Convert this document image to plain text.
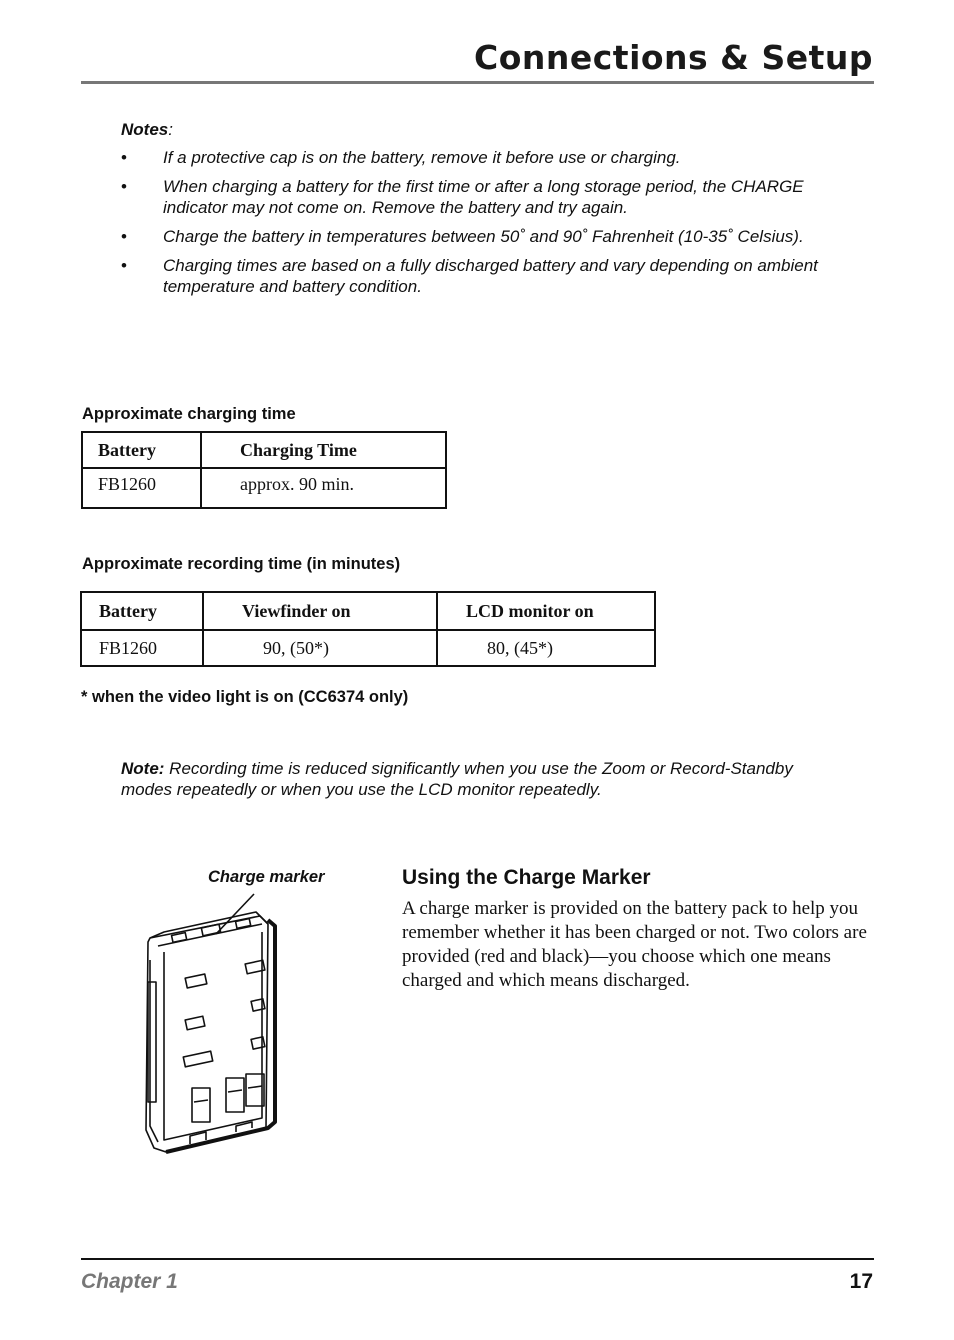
Connections & Setup
Notes:
• If a protective cap is on the battery, remove it before use or charging.
• When charging a battery for the first time or after a long storage period, the CHARGE indicator may not come on. Remove the battery and try again.
• Charge the battery in temperatures between 50˚ and 90˚ Fahrenheit (10-35˚ Celsius).
• Charging times are based on a fully discharged battery and vary depending on ambient temperature and battery condition.
Approximate charging time
Battery	Charging Time
FB1260	approx. 90 min.
Approximate recording time (in minutes)
Battery	Viewfinder on	LCD monitor on
FB1260	90, (50*)	80, (45*)
* when the video light is on (CC6374 only)
Note: Recording time is reduced significantly when you use the Zoom or Record-Standby modes repeatedly or when you use the LCD monitor repeatedly.
Charge marker	Using the Charge Marker
A charge marker is provided on the battery pack to help you remember whether it has been charged or not. Two colors are provided (red and black)—you choose which one means charged and which means discharged.
Chapter 1	17
